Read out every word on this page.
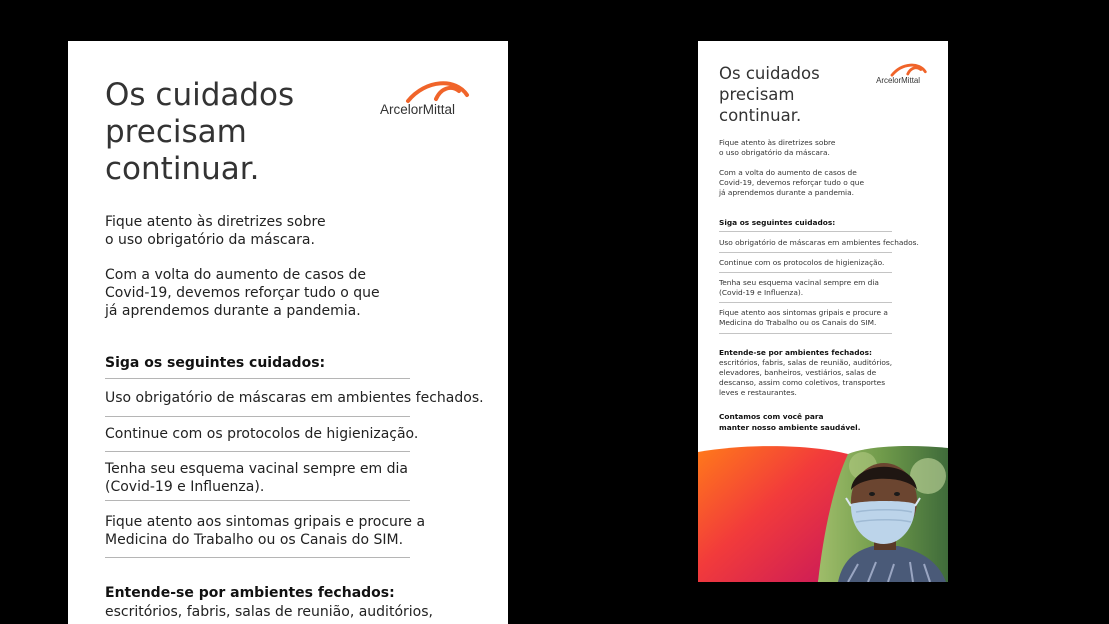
Os cuidados
precisam
continuar.
ArcelorMittal

Fique atento às diretrizes sobre
o uso obrigatório da máscara.

Com a volta do aumento de casos de
Covid-19, devemos reforçar tudo o que
já aprendemos durante a pandemia.

Siga os seguintes cuidados:

Uso obrigatório de máscaras em ambientes fechados.

Continue com os protocolos de higienização.

Tenha seu esquema vacinal sempre em dia
(Covid-19 e Influenza).

Fique atento aos sintomas gripais e procure a
Medicina do Trabalho ou os Canais do SIM.

Entende-se por ambientes fechados:

escritórios, fabris, salas de reunião, auditórios,

Os cuidados
precisam
continuar.
ArcelorMittal

Fique atento às diretrizes sobre
o uso obrigatório da máscara.

Com a volta do aumento de casos de
Covid-19, devemos reforçar tudo o que
já aprendemos durante a pandemia.

Siga os seguintes cuidados:

Uso obrigatório de máscaras em ambientes fechados.

Continue com os protocolos de higienização.

Tenha seu esquema vacinal sempre em dia
(Covid-19 e Influenza).

Fique atento aos sintomas gripais e procure a
Medicina do Trabalho ou os Canais do SIM.

Entende-se por ambientes fechados:

escritórios, fabris, salas de reunião, auditórios,
elevadores, banheiros, vestiários, salas de
descanso, assim como coletivos, transportes
leves e restaurantes.

Contamos com você para
manter nosso ambiente saudável.
